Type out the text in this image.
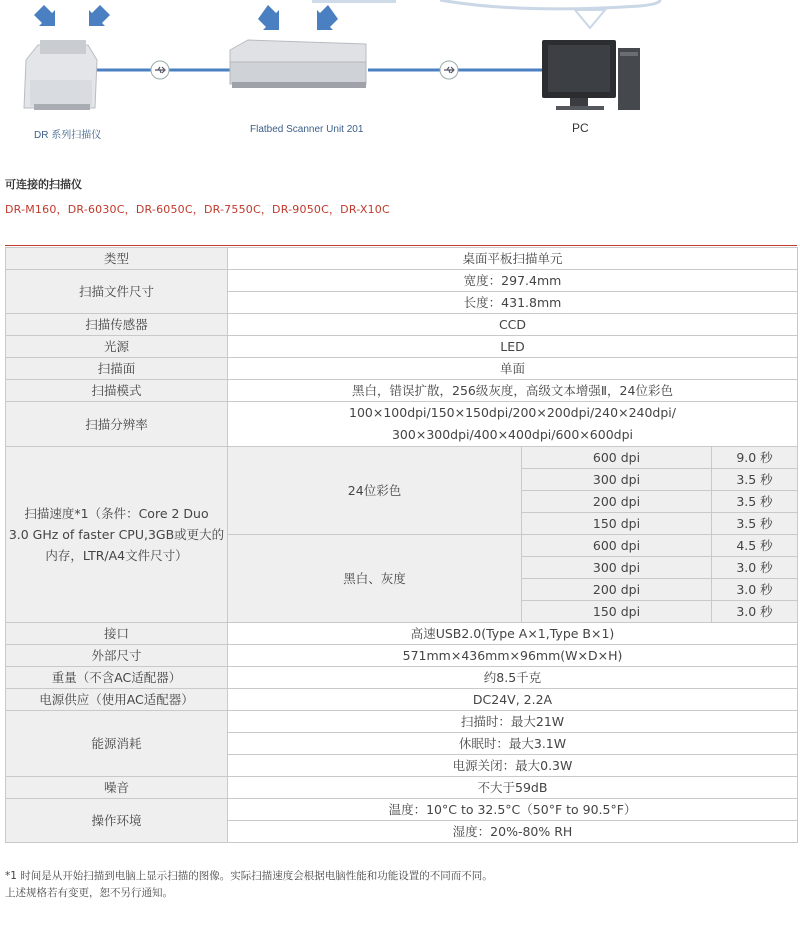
DR 系列扫描仪
Flatbed Scanner Unit 201	PC
可连接的扫描仪
DR-M160，DR-6030C，DR-6050C，DR-7550C，DR-9050C，DR-X10C
类型	桌面平板扫描单元		
扫描文件尺寸	宽度：297.4mm		
	长度：431.8mm		
扫描传感器	CCD		
光源	LED		
扫描面	单面		
扫描模式	黑白，错误扩散，256级灰度，高级文本增强Ⅱ，24位彩色		
扫描分辨率	100×100dpi/150×150dpi/200×200dpi/240×240dpi/
300×300dpi/400×400dpi/600×600dpi		

扫描速度*1（条件：Core 2 Duo
3.0 GHz of faster CPU,3GB或更大的
内存，LTR/A4文件尺寸）	24位彩色	600 dpi	9.0 秒
		300 dpi	3.5 秒
		200 dpi	3.5 秒
		150 dpi	3.5 秒
	黑白、灰度	600 dpi	4.5 秒
		300 dpi	3.0 秒
		200 dpi	3.0 秒
		150 dpi	3.0 秒
接口	高速USB2.0(Type A×1,Type B×1)		
外部尺寸	571mm×436mm×96mm(W×D×H)		
重量（不含AC适配器）	约8.5千克		
电源供应（使用AC适配器）	DC24V, 2.2A		
能源消耗	扫描时：最大21W		
	休眠时：最大3.1W		
	电源关闭：最大0.3W		
噪音	不大于59dB		
操作环境	温度：10°C to 32.5°C（50°F to 90.5°F）		
	湿度：20%-80% RH		
*1 时间是从开始扫描到电脑上显示扫描的图像。实际扫描速度会根据电脑性能和功能设置的不同而不同。
上述规格若有变更，恕不另行通知。
